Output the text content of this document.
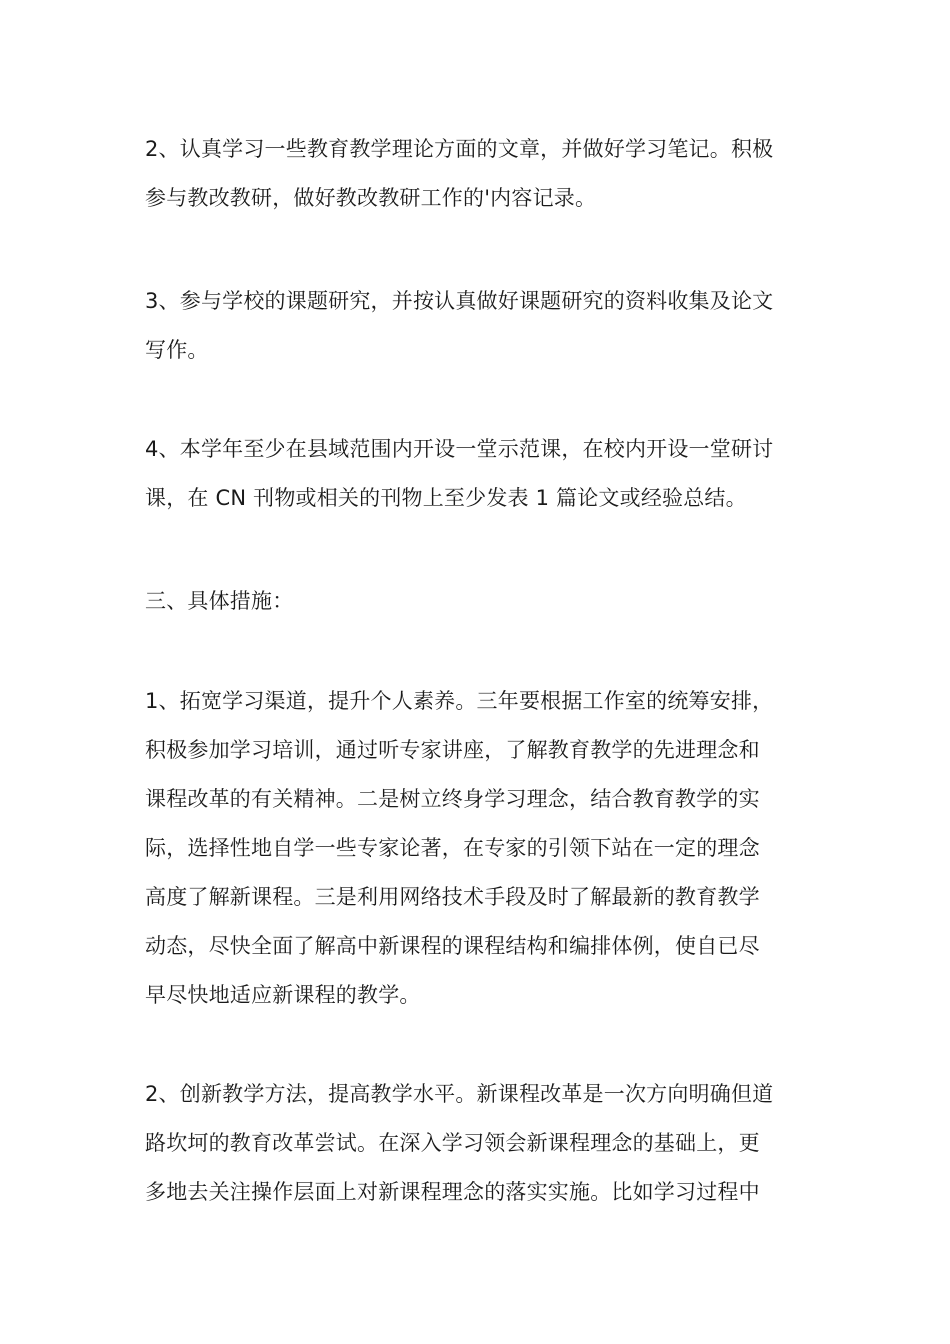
2、认真学习一些教育教学理论方面的文章，并做好学习笔记。积极
参与教改教研，做好教改教研工作的'内容记录。
3、参与学校的课题研究，并按认真做好课题研究的资料收集及论文
写作。
4、本学年至少在县域范围内开设一堂示范课，在校内开设一堂研讨
课，在 CN 刊物或相关的刊物上至少发表 1 篇论文或经验总结。
三、具体措施：
1、拓宽学习渠道，提升个人素养。三年要根据工作室的统筹安排，
积极参加学习培训，通过听专家讲座，了解教育教学的先进理念和
课程改革的有关精神。二是树立终身学习理念，结合教育教学的实
际，选择性地自学一些专家论著，在专家的引领下站在一定的理念
高度了解新课程。三是利用网络技术手段及时了解最新的教育教学
动态，尽快全面了解高中新课程的课程结构和编排体例，使自已尽
早尽快地适应新课程的教学。
2、创新教学方法，提高教学水平。新课程改革是一次方向明确但道
路坎坷的教育改革尝试。在深入学习领会新课程理念的基础上，更
多地去关注操作层面上对新课程理念的落实实施。比如学习过程中
